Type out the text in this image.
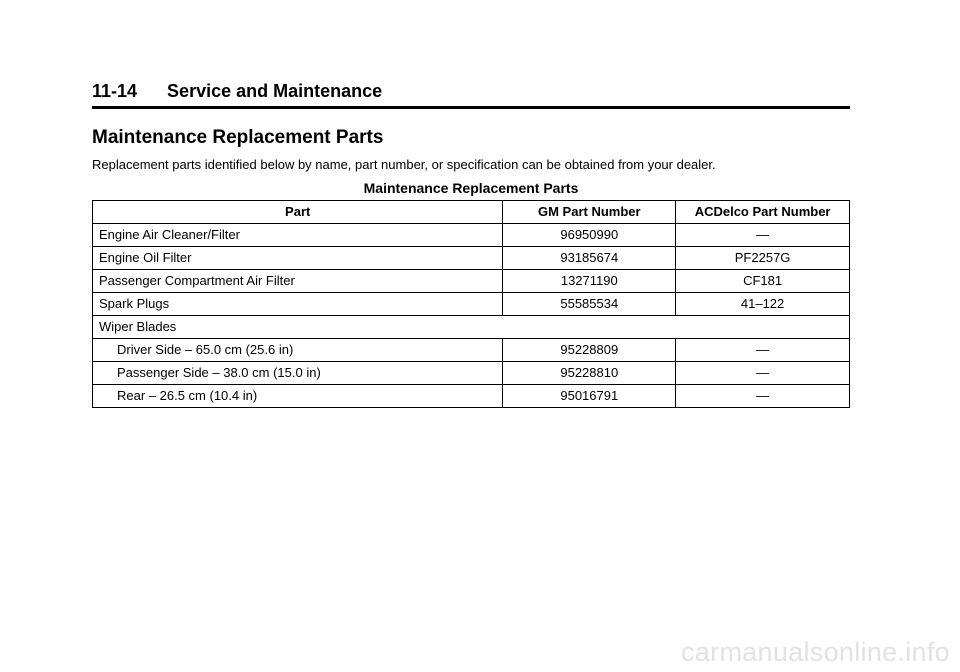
11-14 Service and Maintenance
Maintenance Replacement Parts

Replacement parts identified below by name, part number, or specification can be obtained from your dealer.

Maintenance Replacement Parts
Part	GM Part Number	ACDelco Part Number
Engine Air Cleaner/Filter	96950990	—
Engine Oil Filter	93185674	PF2257G
Passenger Compartment Air Filter	13271190	CF181
Spark Plugs	55585534	41–122
Wiper Blades		
Driver Side – 65.0 cm (25.6 in)	95228809	—
Passenger Side – 38.0 cm (15.0 in)	95228810	—
Rear – 26.5 cm (10.4 in)	95016791	—
carmanualsonline.info
